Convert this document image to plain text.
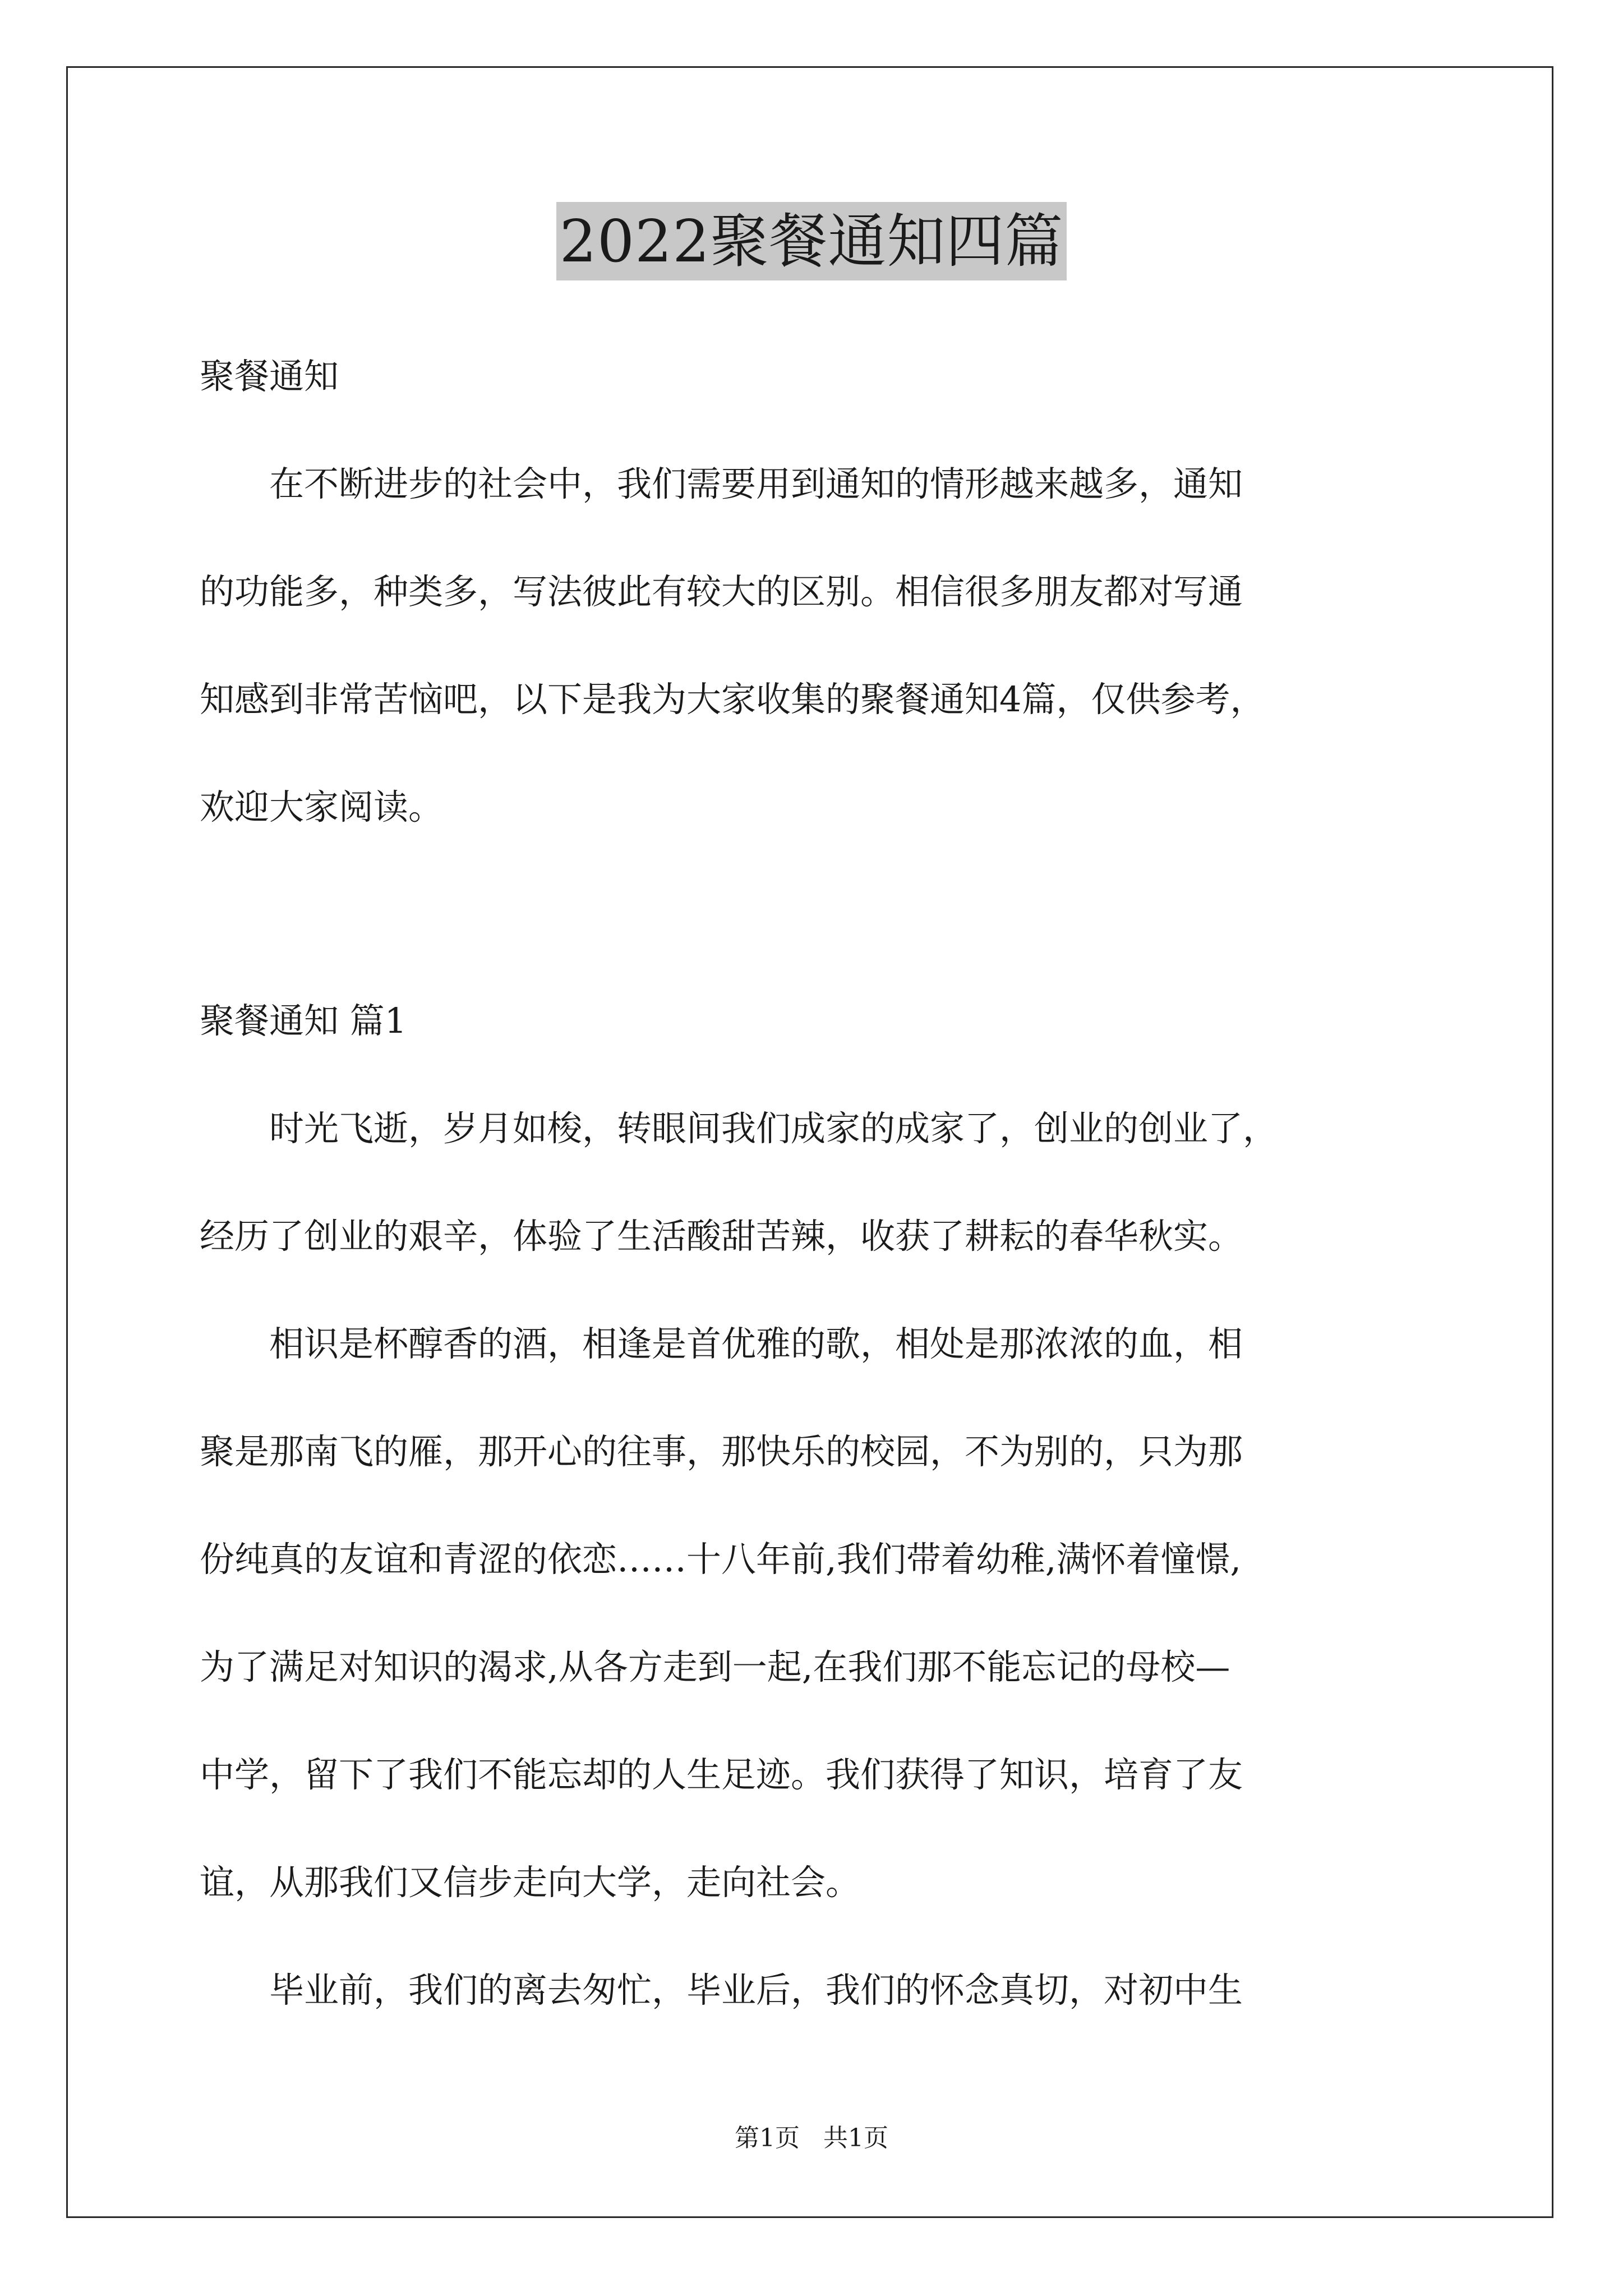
2022聚餐通知四篇
聚餐通知
　　在不断进步的社会中，我们需要用到通知的情形越来越多，通知
的功能多，种类多，写法彼此有较大的区别。相信很多朋友都对写通
知感到非常苦恼吧，以下是我为大家收集的聚餐通知4篇，仅供参考，
欢迎大家阅读。
聚餐通知 篇1
　　时光飞逝，岁月如梭，转眼间我们成家的成家了，创业的创业了，
经历了创业的艰辛，体验了生活酸甜苦辣，收获了耕耘的春华秋实。
　　相识是杯醇香的酒，相逢是首优雅的歌，相处是那浓浓的血，相
聚是那南飞的雁，那开心的往事，那快乐的校园，不为别的，只为那
份纯真的友谊和青涩的依恋……十八年前,我们带着幼稚,满怀着憧憬,
为了满足对知识的渴求,从各方走到一起,在我们那不能忘记的母校—
中学，留下了我们不能忘却的人生足迹。我们获得了知识，培育了友
谊，从那我们又信步走向大学，走向社会。
　　毕业前，我们的离去匆忙，毕业后，我们的怀念真切，对初中生
第1页   共1页
